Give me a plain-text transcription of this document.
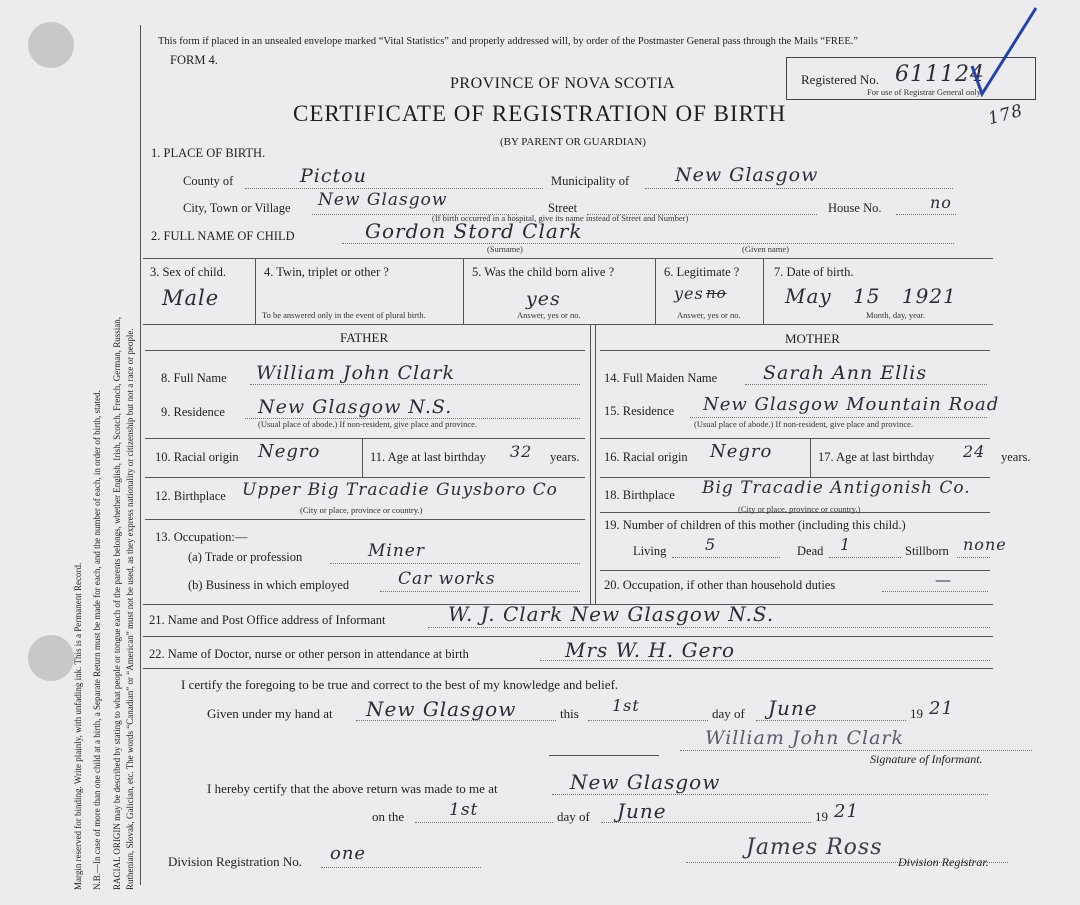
Margin reserved for binding. Write plainly, with unfading ink. This is a Permanent Record. N.B.—In case of more than one child at a birth, a Separate Return must be made for each, and the number of each, in order of birth, stated. RACIAL ORIGIN may be described by stating to what people or tongue each of the parents belongs, whether English, Irish, Scotch, French, German, Russian, Ruthenian, Slovak, Galician, etc. The words “Canadian” or “American” must not be used, as they express nationality or citizenship but not a race or people.
This form if placed in an unsealed envelope marked “Vital Statistics” and properly addressed will, by order of the Postmaster General pass through the Mails “FREE.”
FORM 4.
PROVINCE OF NOVA SCOTIA
CERTIFICATE OF REGISTRATION OF BIRTH
(BY PARENT OR GUARDIAN)
Registered No. 611124
For use of Registrar General only
178
1. PLACE OF BIRTH.
County of	Pictou	Municipality of New Glasgow
City, Town or Village New Glasgow	Street	House No.	no
(If birth occurred in a hospital, give its name instead of Street and Number)
2. FULL NAME OF CHILD	Gordon Stord Clark
(Surname)	(Given name)
3. Sex of child.
Male
4. Twin, triplet or other ?
To be answered only in the event of plural birth.
5. Was the child born alive ?
yes
Answer, yes or no.
6. Legitimate ?
yes no
Answer, yes or no.
7. Date of birth.
May 15 1921
Month, day, year.
FATHER	MOTHER
8. Full Name William John Clark
9. Residence New Glasgow N.S.
(Usual place of abode.) If non-resident, give place and province.
10. Racial origin Negro	11. Age at last birthday 32 years.
12. Birthplace Upper Big Tracadie Guysboro Co
(City or place, province or country.)
13. Occupation:—
(a) Trade or profession	Miner
(b) Business in which employed	Car works
14. Full Maiden Name Sarah Ann Ellis
15. Residence New Glasgow Mountain Road
(Usual place of abode.) If non-resident, give place and province.
16. Racial origin Negro	17. Age at last birthday 24 years.
18. Birthplace Big Tracadie Antigonish Co.
(City or place, province or country.)
19. Number of children of this mother (including this child.)
Living 5	Dead 1	Stillborn none
20. Occupation, if other than household duties	—
21. Name and Post Office address of Informant	W. J. Clark New Glasgow N.S.
22. Name of Doctor, nurse or other person in attendance at birth	Mrs W. H. Gero
I certify the foregoing to be true and correct to the best of my knowledge and belief.
Given under my hand at New Glasgow	this 1st	day of June	19 21
William John Clark
Signature of Informant.
I hereby certify that the above return was made to me at	New Glasgow
on the	1st	day of June	19 21
James Ross
Division Registrar.
Division Registration No. one
